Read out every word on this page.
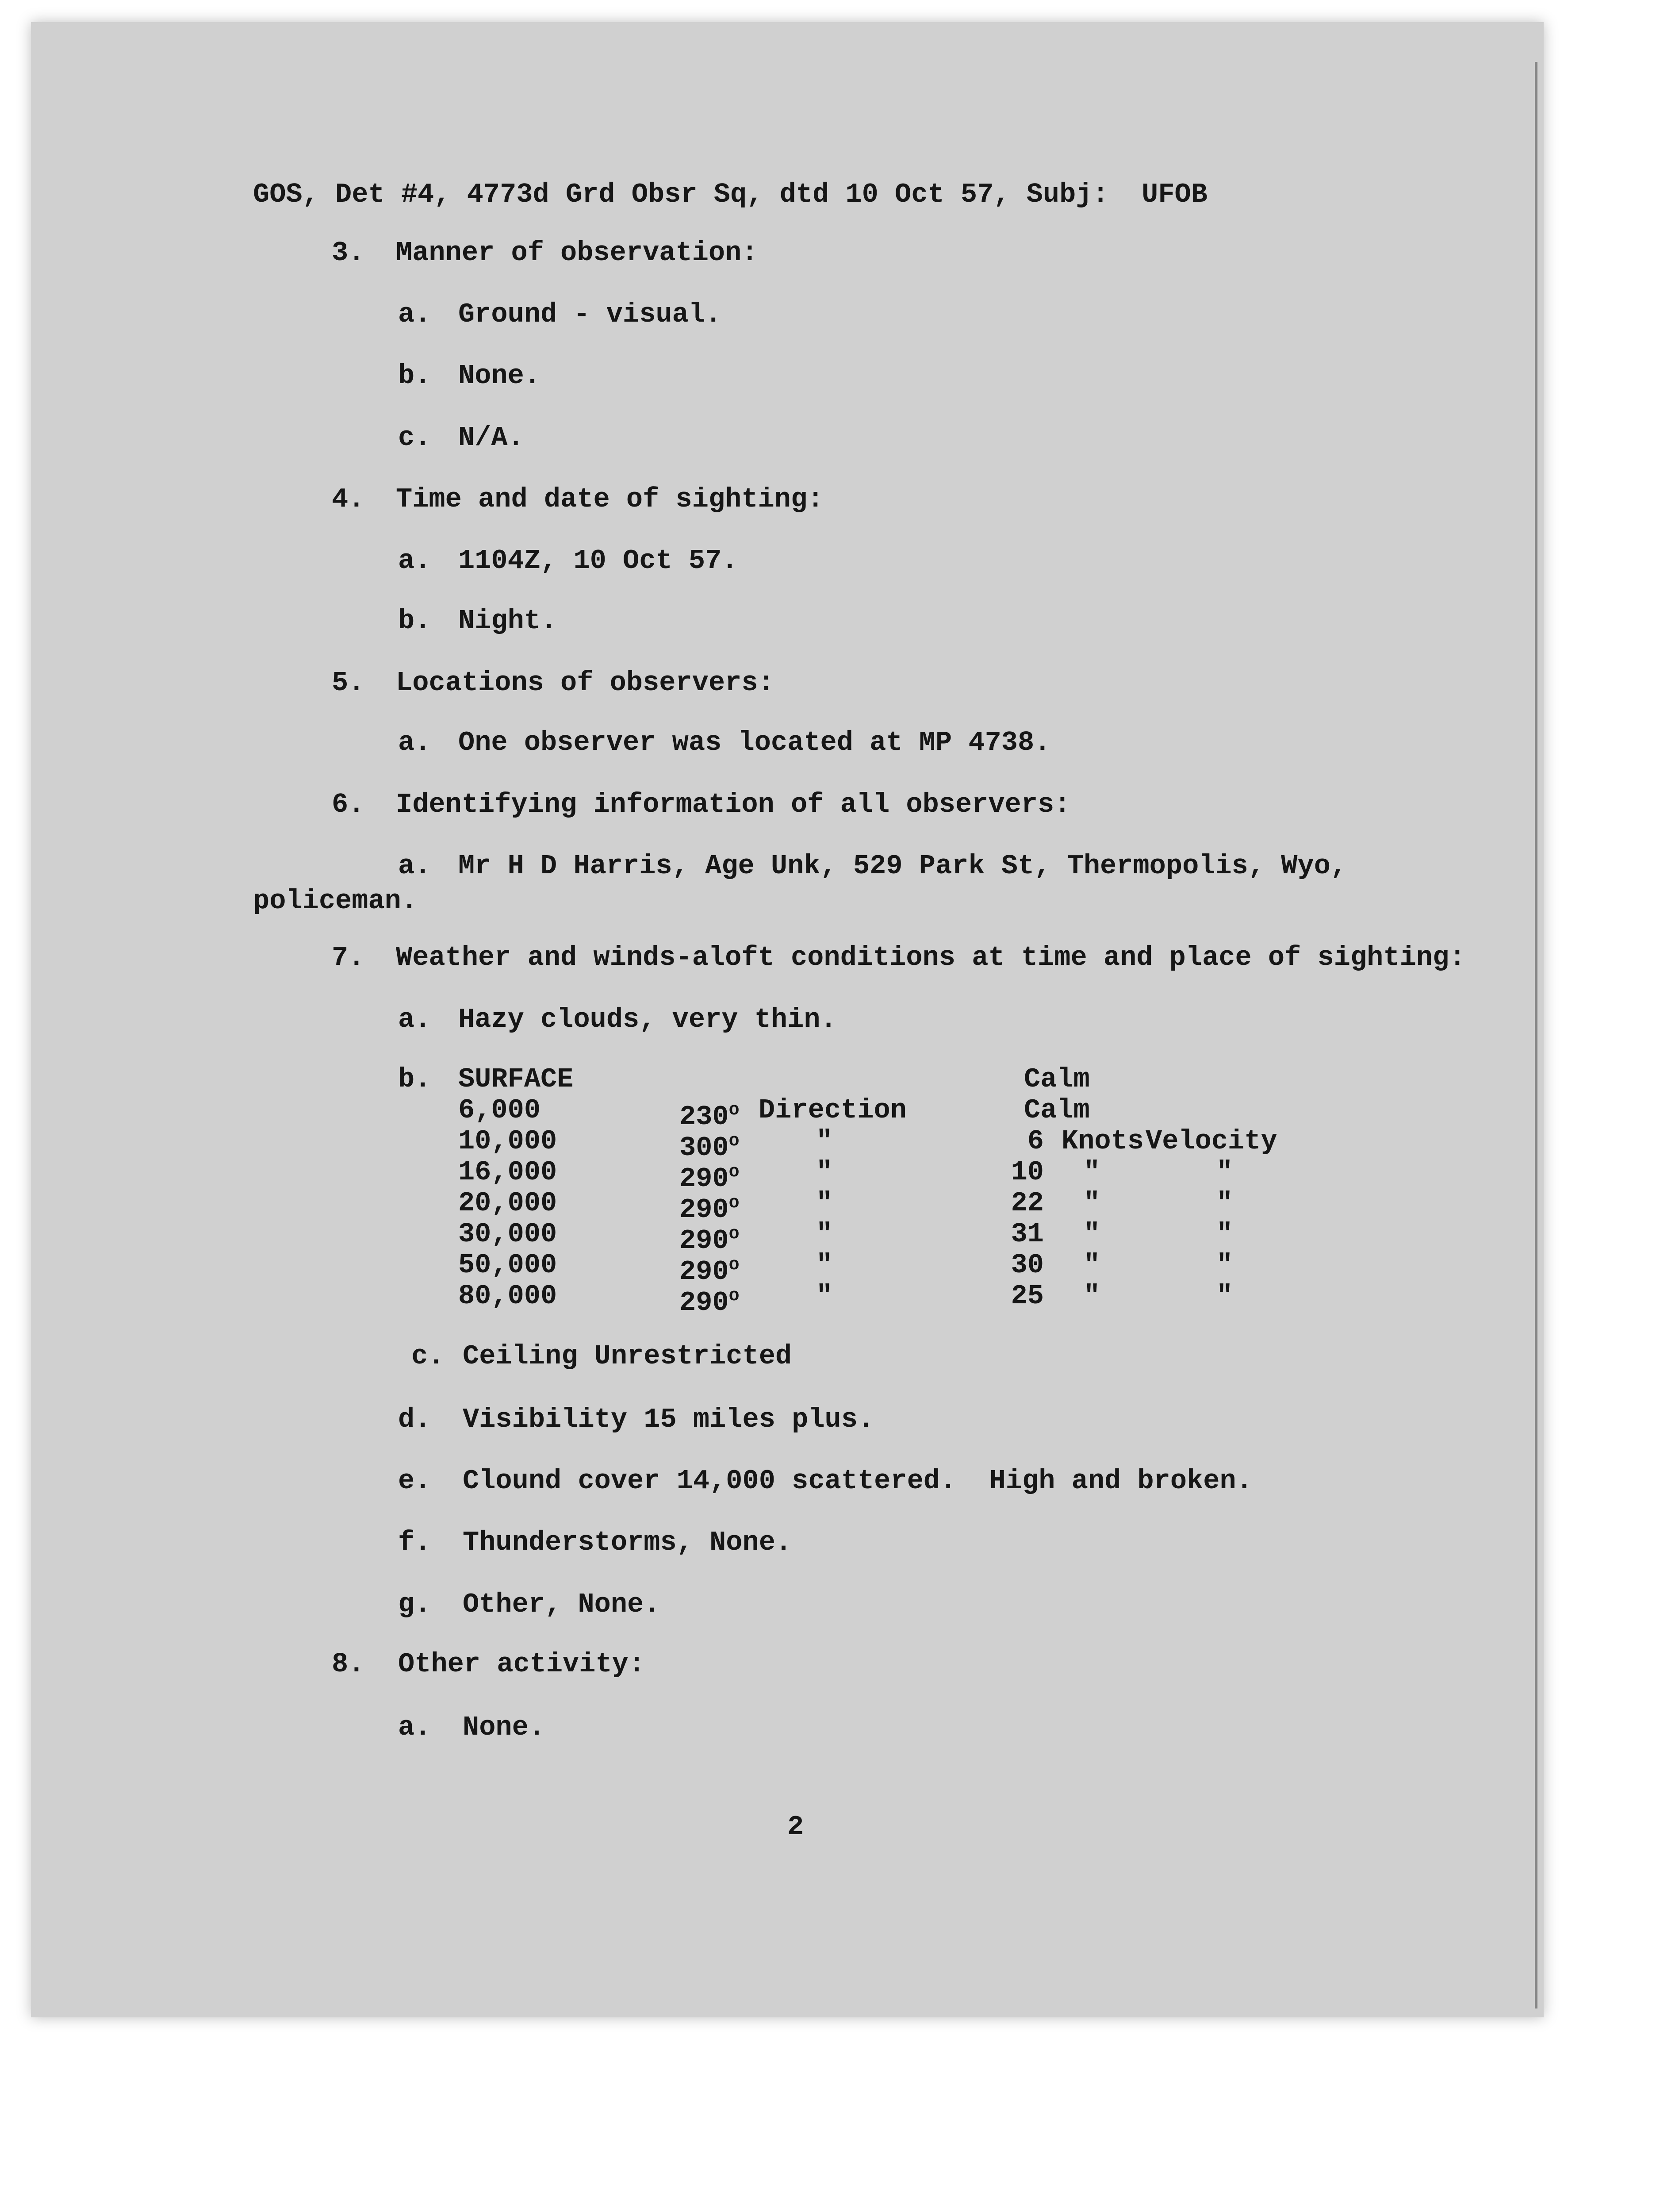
GOS, Det #4, 4773d Grd Obsr Sq, dtd 10 Oct 57, Subj:  UFOB
3. Manner of observation:
a. Ground - visual.
b. None.
c. N/A.
4. Time and date of sighting:
a. 1104Z, 10 Oct 57.
b. Night.
5. Locations of observers:
a. One observer was located at MP 4738.
6. Identifying information of all observers:
a. Mr H D Harris, Age Unk, 529 Park St, Thermopolis, Wyo,
policeman.
7. Weather and winds-aloft conditions at time and place of sighting:
a. Hazy clouds, very thin.
b. SURFACE	Calm
6,000	230$^o$ Direction	Calm
10,000	300$^o$	"	6 Knots Velocity
16,000	290$^o$	"	10 "	"
20,000	290$^o$	"	22 "	"
30,000	290$^o$	"	31 "	"
50,000	290$^o$	"	30 "	"
80,000	290$^o$	"	25 "	"
c. Ceiling Unrestricted
d. Visibility 15 miles plus.
e. Clound cover 14,000 scattered.  High and broken.
f. Thunderstorms, None.
g. Other, None.
8. Other activity:
a. None.
2
